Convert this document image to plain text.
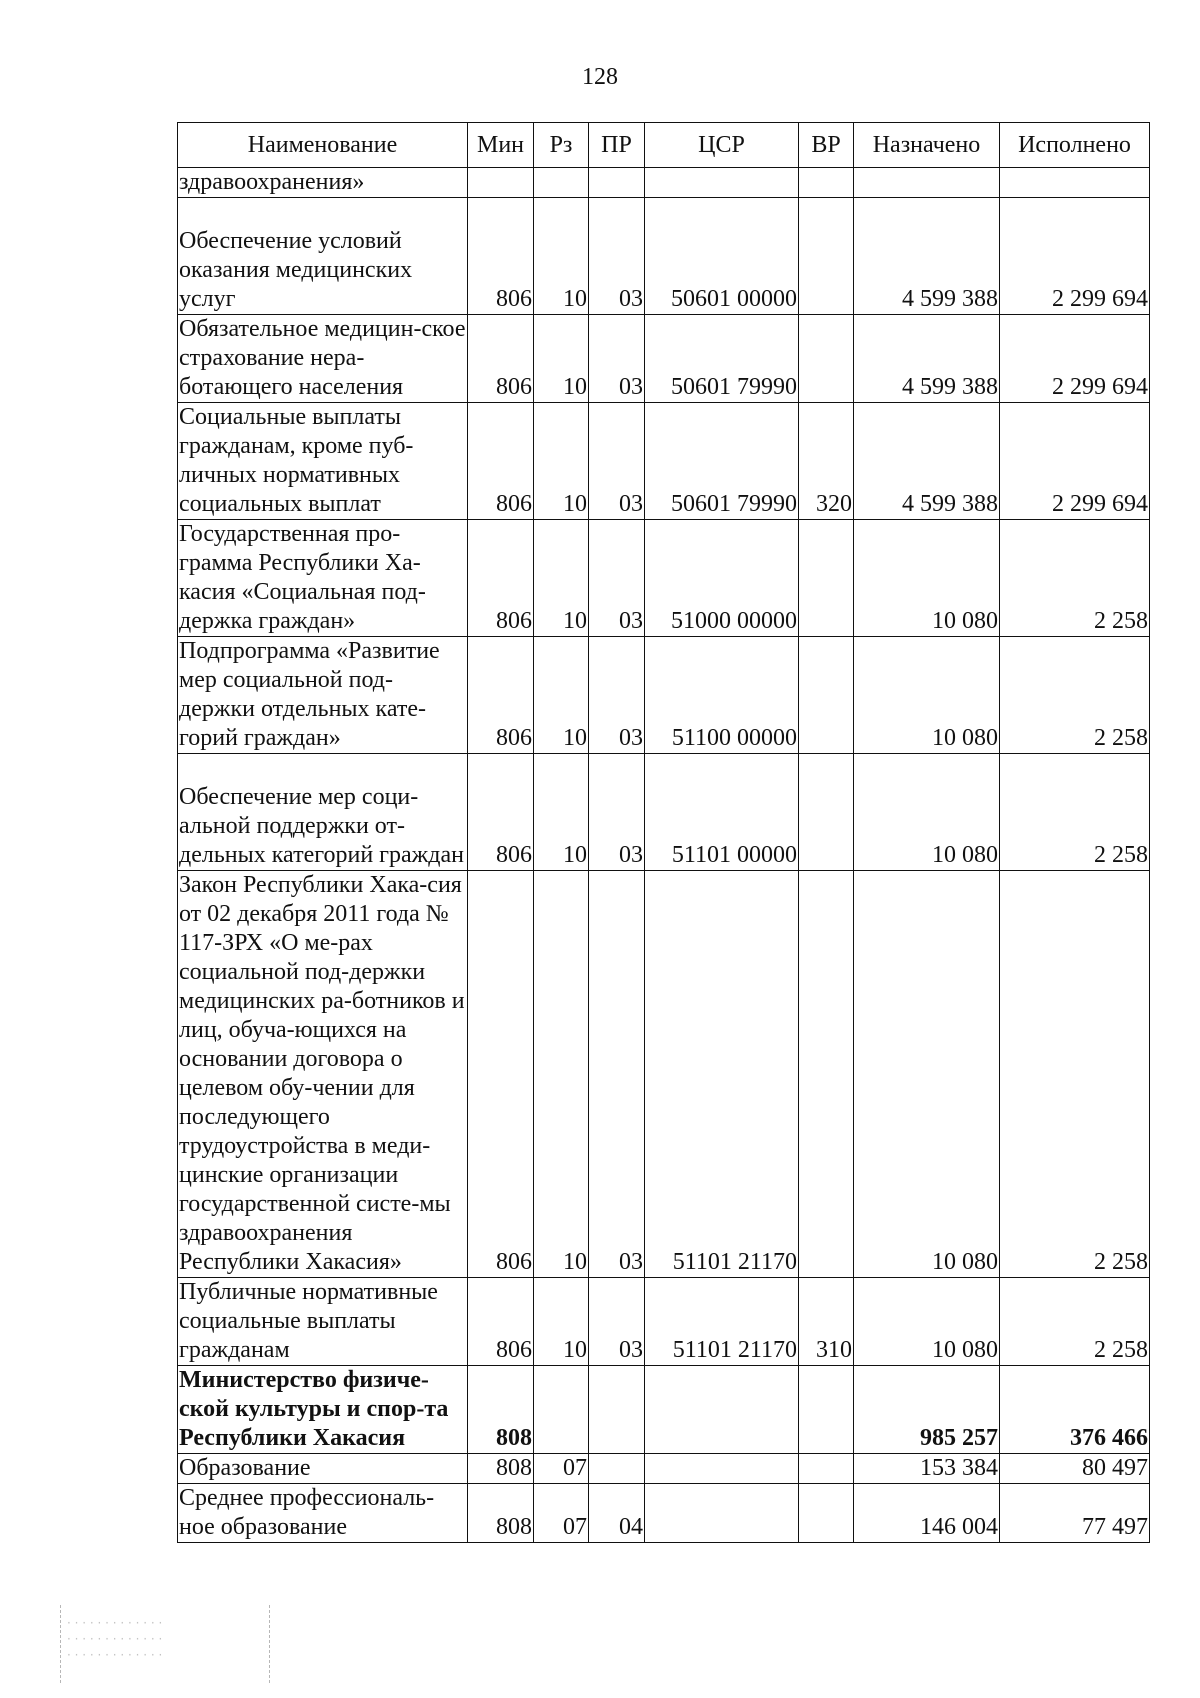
128
Наименование	Мин	Рз	ПР	ЦСР	ВР	Назначено	Исполнено
здравоохранения»							
Обеспечение условий оказания медицинских услуг	806	10	03	50601 00000		4 599 388	2 299 694
Обязательное медицин-ское страхование нера-ботающего населения	806	10	03	50601 79990		4 599 388	2 299 694
Социальные выплаты гражданам, кроме пуб-личных нормативных социальных выплат	806	10	03	50601 79990	320	4 599 388	2 299 694
Государственная про-грамма Республики Ха-касия «Социальная под-держка граждан»	806	10	03	51000 00000		10 080	2 258
Подпрограмма «Развитие мер социальной под-держки отдельных кате-горий граждан»	806	10	03	51100 00000		10 080	2 258
Обеспечение мер соци-альной поддержки от-дельных категорий граждан	806	10	03	51101 00000		10 080	2 258
Закон Республики Хака-сия от 02 декабря 2011 года № 117-ЗРХ «О ме-рах социальной под-держки медицинских ра-ботников и лиц, обуча-ющихся на основании договора о целевом обу-чении для последующего трудоустройства в меди-цинские организации государственной систе-мы здравоохранения Республики Хакасия»	806	10	03	51101 21170		10 080	2 258
Публичные нормативные социальные выплаты гражданам	806	10	03	51101 21170	310	10 080	2 258
Министерство физиче-ской культуры и спор-та Республики Хакасия	808					985 257	376 466
Образование	808	07				153 384	80 497
Среднее профессиональ-ное образование	808	07	04			146 004	77 497
· · · · · · · · · · · · ·
· · · · · · · · · · · · ·
· · · · · · · · · · · · ·
